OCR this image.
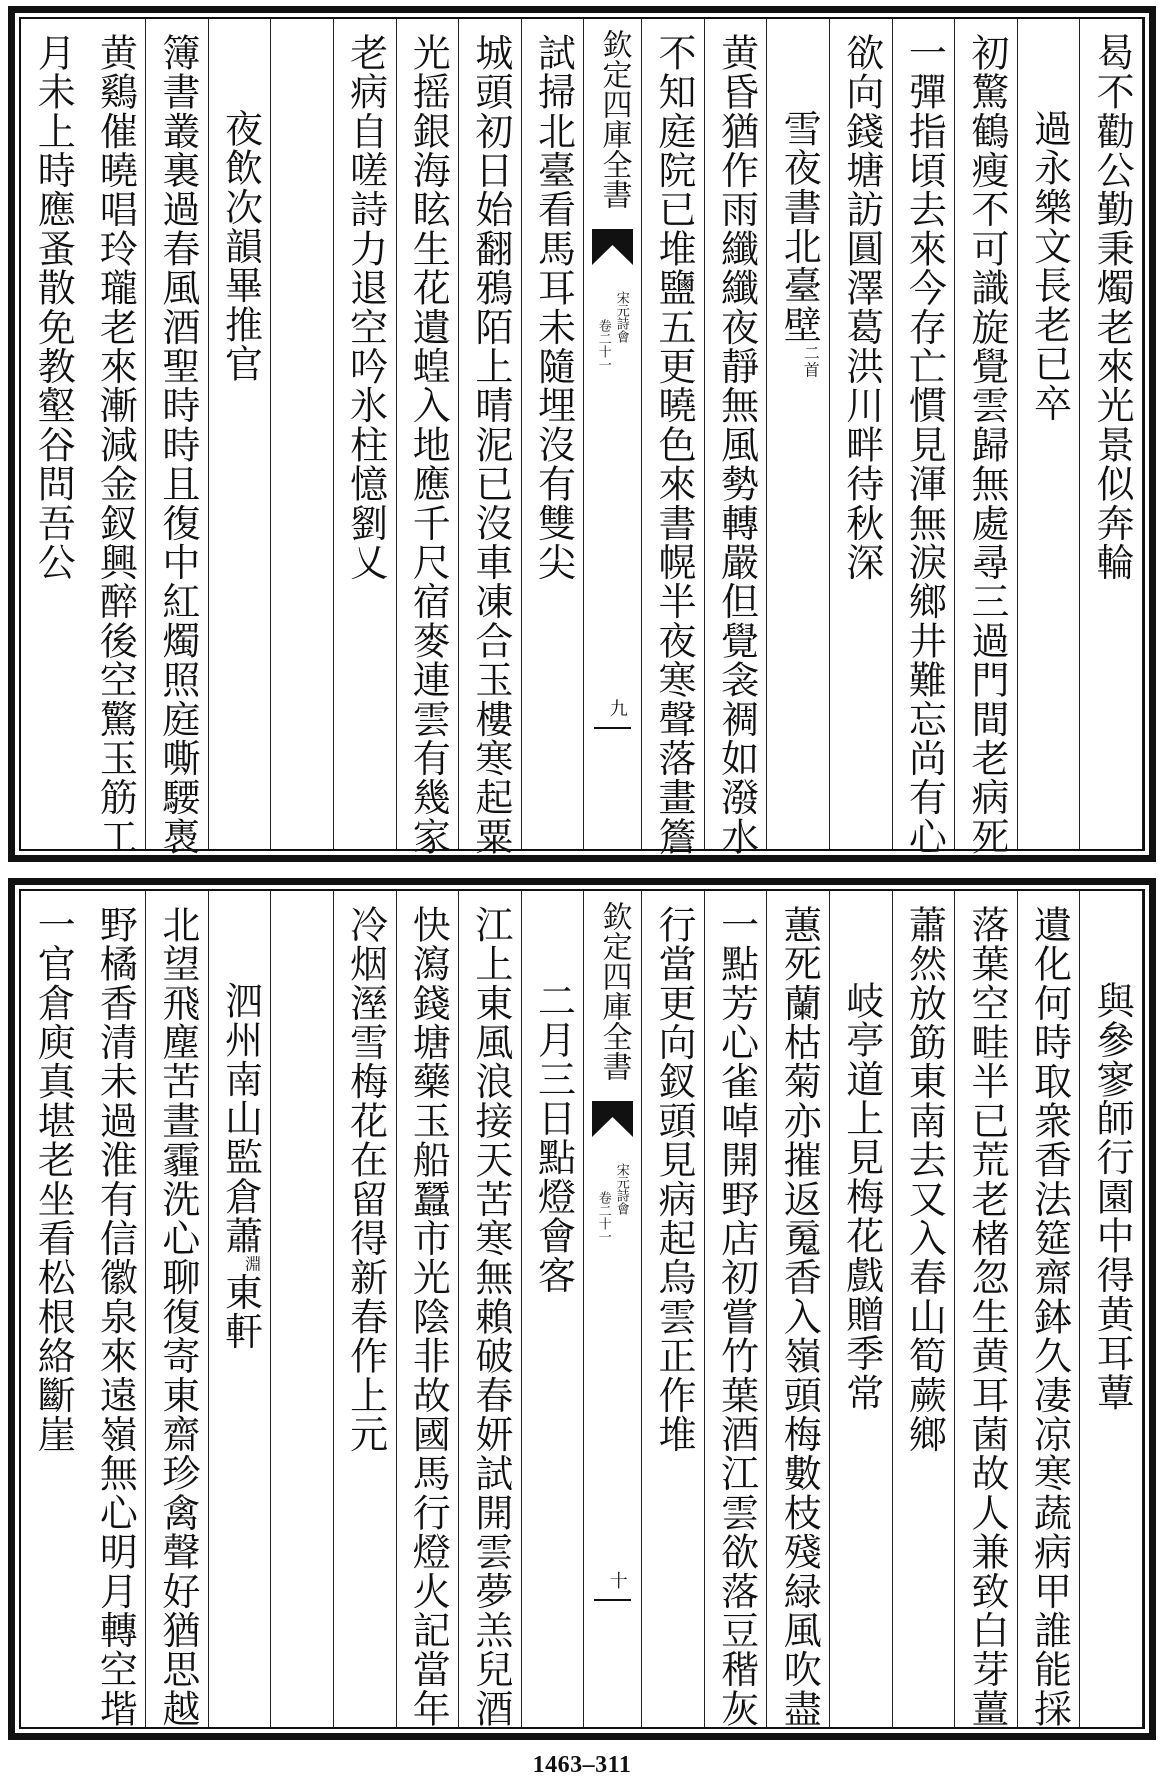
曷不勸公勤秉燭老來光景似奔輪
過永樂文長老已卒
初驚鶴瘦不可識旋覺雲歸無處尋三過門間老病死
一彈指頃去來今存亡慣見渾無淚鄉井難忘尚有心
欲向錢塘訪圓澤葛洪川畔待秋深
雪夜書北臺壁$^{二首}$
黄昏猶作雨纖纖夜靜無風勢轉嚴但覺衾裯如潑水
不知庭院已堆鹽五更曉色來書幌半夜寒聲落畫簷
欽定四庫全書
宋元詩會
卷二十一
九
試掃北臺看馬耳未隨埋沒有雙尖
城頭初日始翻鴉陌上晴泥已沒車凍合玉樓寒起粟
光摇銀海眩生花遺蝗入地應千尺宿麥連雲有幾家
老病自嗟詩力退空吟氷柱憶劉乂
夜飲次韻畢推官
簿書叢裏過春風酒聖時時且復中紅燭照庭嘶騕褭
黄鷄催曉唱玲瓏老來漸減金釵興醉後空驚玉筋工
月未上時應蚤散免教壑谷問吾公
與參寥師行園中得黄耳蕈
遺化何時取衆香法筵齋鉢久凄凉寒蔬病甲誰能採
落葉空畦半已荒老楮忽生黄耳菌故人兼致白芽薑
蕭然放筯東南去又入春山筍蕨鄉
岐亭道上見梅花戲贈季常
蕙死蘭枯菊亦摧返䰟香入嶺頭梅數枝殘緑風吹盡
一點芳心雀啅開野店初嘗竹葉酒江雲欲落豆稭灰
行當更向釵頭見病起烏雲正作堆
欽定四庫全書
宋元詩會
卷二十一
十
二月三日點燈會客
江上東風浪接天苦寒無賴破春妍試開雲夢羔兒酒
快瀉錢塘藥玉船蠶市光陰非故國馬行燈火記當年
冷烟溼雪梅花在留得新春作上元
泗州南山監倉蕭$^淵$東軒
北望飛塵苦晝霾洗心聊復寄東齋珍禽聲好猶思越
野橘香清未過淮有信徽泉來遠嶺無心明月轉空堦
一官倉庾真堪老坐看松根絡斷崖
1463–311
